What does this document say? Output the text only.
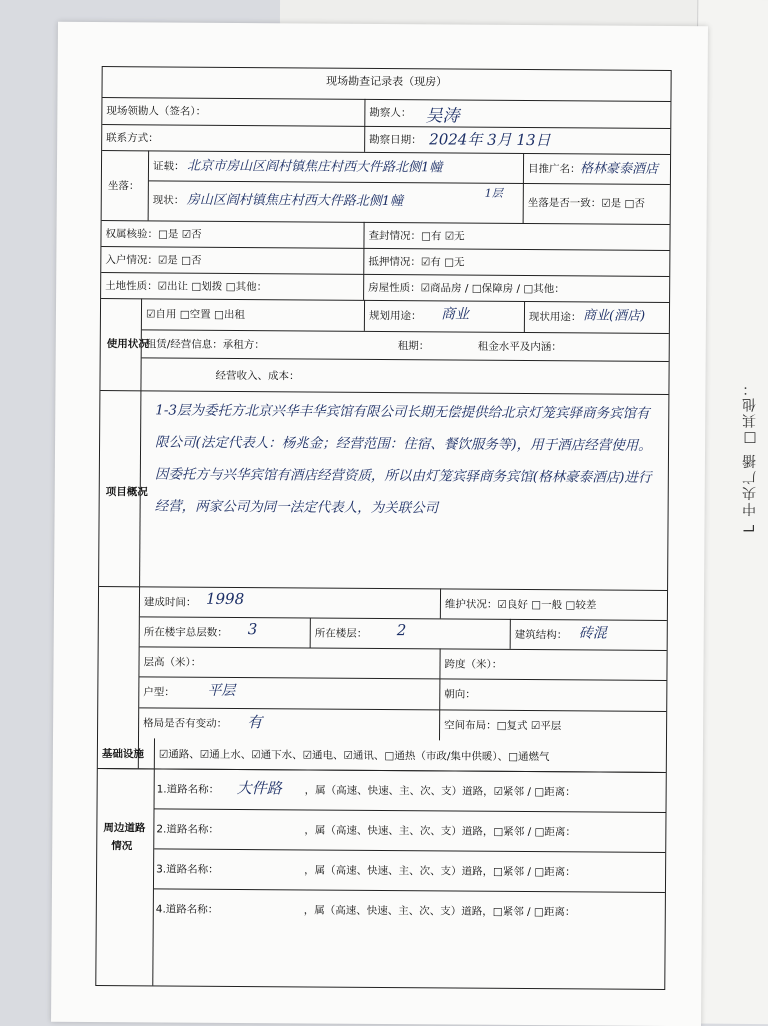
L 中央广播 □其他：
现场勘查记录表（现房）
现场领勘人（签名）：	勘察人： 吴涛
联系方式：	勘察日期： 2024年 3月 13日
坐落：
证载： 北京市房山区阎村镇焦庄村西大件路北侧1幢	目推广名： 格林豪泰酒店
现状： 房山区阎村镇焦庄村西大件路北侧1幢	1层
坐落是否一致：☑是 □否
权属核验：□是 ☑否	查封情况：□有 ☑无
入户情况：☑是 □否	抵押情况：☑有 □无
土地性质：☑出让 □划拨 □其他：	房屋性质：☑商品房 / □保障房 / □其他：
使用状况
☑自用 □空置 □出租	规划用途： 商业	现状用途： 商业(酒店)
租赁/经营信息：承租方：	租期：	租金水平及内涵：
经营收入、成本：
项目概况
1-3层为委托方北京兴华丰华宾馆有限公司长期无偿提供给北京灯笼宾驿商务宾馆有限公司(法定代表人：杨兆金；经营范围：住宿、餐饮服务等)，用于酒店经营使用。因委托方与兴华宾馆有酒店经营资质，所以由灯笼宾驿商务宾馆(格林豪泰酒店)进行经营，两家公司为同一法定代表人，为关联公司
建成时间： 1998	维护状况：☑良好 □一般 □较差
所在楼宇总层数： 3	所在楼层： 2	建筑结构： 砖混
层高（米）：	跨度（米）：
户型： 平层	朝向：
格局是否有变动： 有	空间布局：□复式 ☑平层
基础设施 ☑通路、☑通上水、☑通下水、☑通电、☑通讯、□通热（市政/集中供暖）、□通燃气
周边道路
情况
1.道路名称： 大件路 ，属（高速、快速、主、次、支）道路，☑紧邻 / □距离：
2.道路名称：	，属（高速、快速、主、次、支）道路，□紧邻 / □距离：
3.道路名称：	，属（高速、快速、主、次、支）道路，□紧邻 / □距离：
4.道路名称：	，属（高速、快速、主、次、支）道路，□紧邻 / □距离：
